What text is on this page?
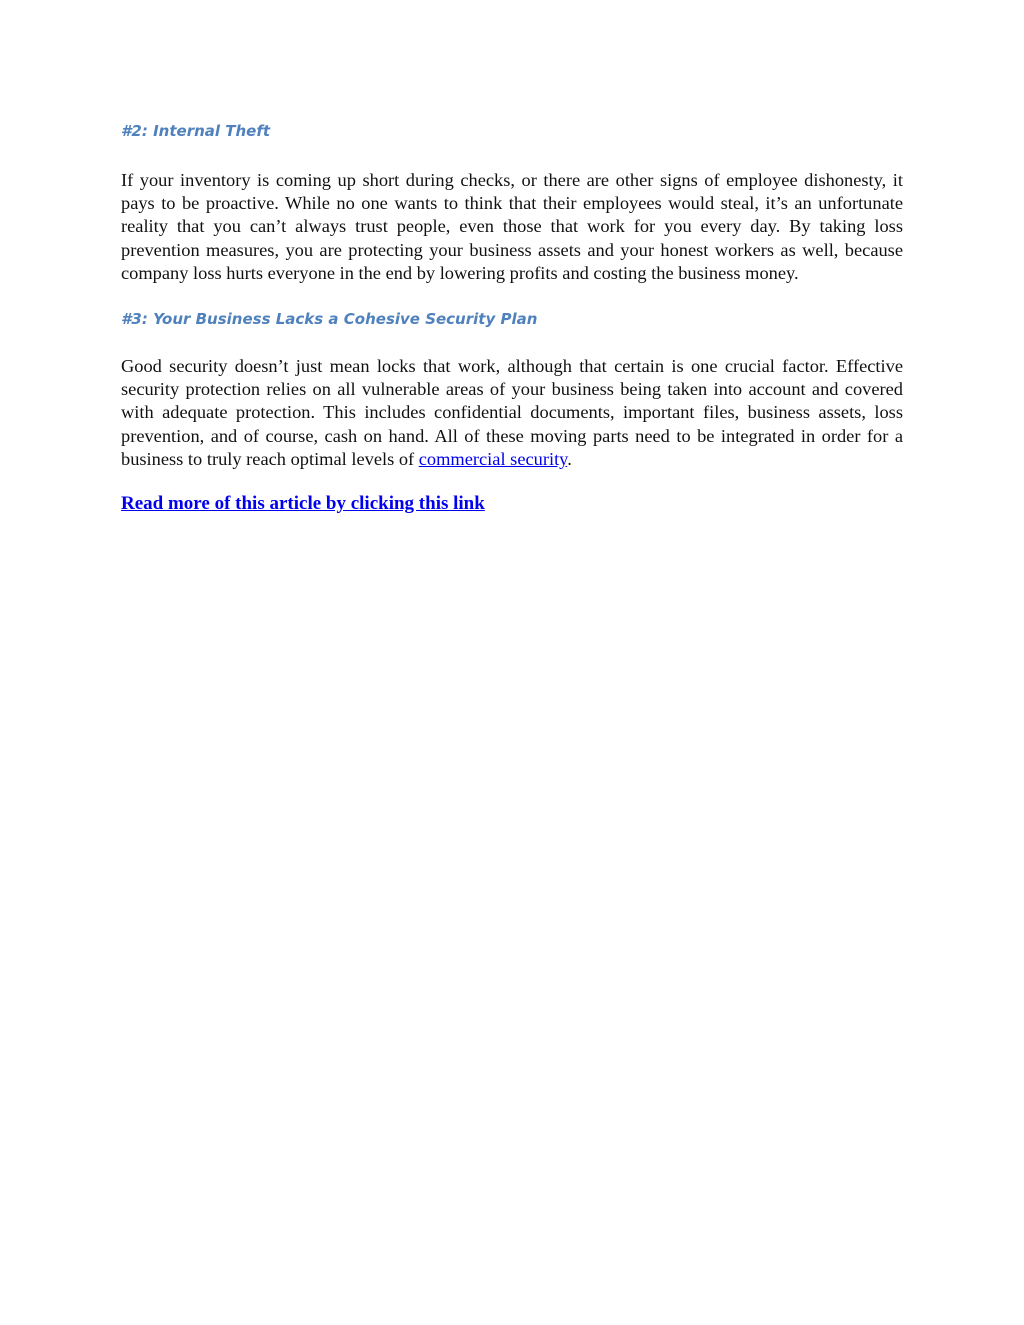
#2: Internal Theft

If your inventory is coming up short during checks, or there are other signs of employee dishonesty, it pays to be proactive. While no one wants to think that their employees would steal, it’s an unfortunate reality that you can’t always trust people, even those that work for you every day. By taking loss prevention measures, you are protecting your business assets and your honest workers as well, because company loss hurts everyone in the end by lowering profits and costing the business money.

#3: Your Business Lacks a Cohesive Security Plan

Good security doesn’t just mean locks that work, although that certain is one crucial factor. Effective security protection relies on all vulnerable areas of your business being taken into account and covered with adequate protection. This includes confidential documents, important files, business assets, loss prevention, and of course, cash on hand. All of these moving parts need to be integrated in order for a business to truly reach optimal levels of commercial security.

Read more of this article by clicking this link
